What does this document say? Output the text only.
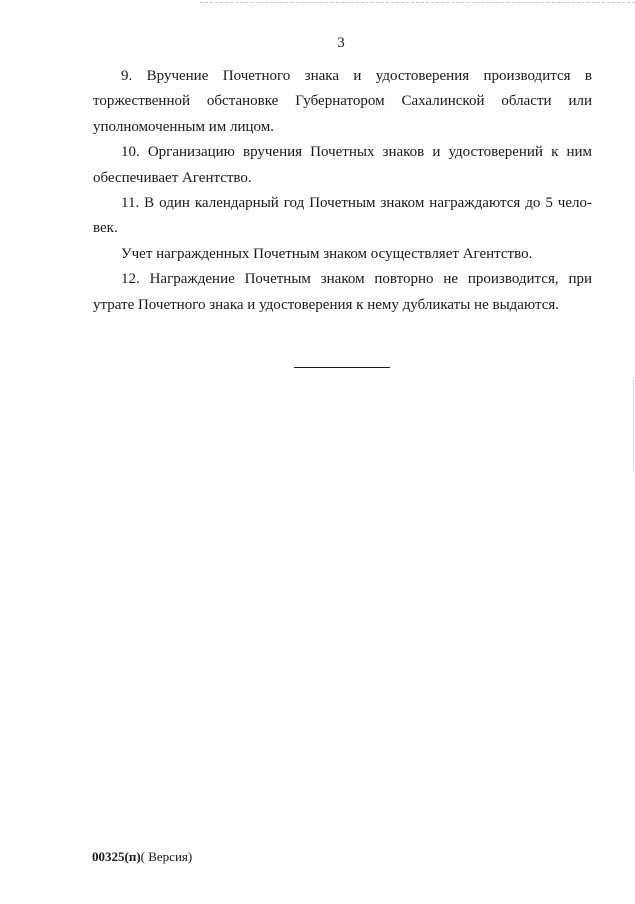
3

9. Вручение Почетного знака и удостоверения производится в торжественной обстановке Губернатором Сахалинской области или уполномоченным им лицом.

10. Организацию вручения Почетных знаков и удостоверений к ним обеспечивает Агентство.

11. В один календарный год Почетным знаком награждаются до 5 чело-

век.

Учет награжденных Почетным знаком осуществляет Агентство.

12. Награждение Почетным знаком повторно не производится, при утрате Почетного знака и удостоверения к нему дубликаты не выдаются.

00325(п)( Версия)
